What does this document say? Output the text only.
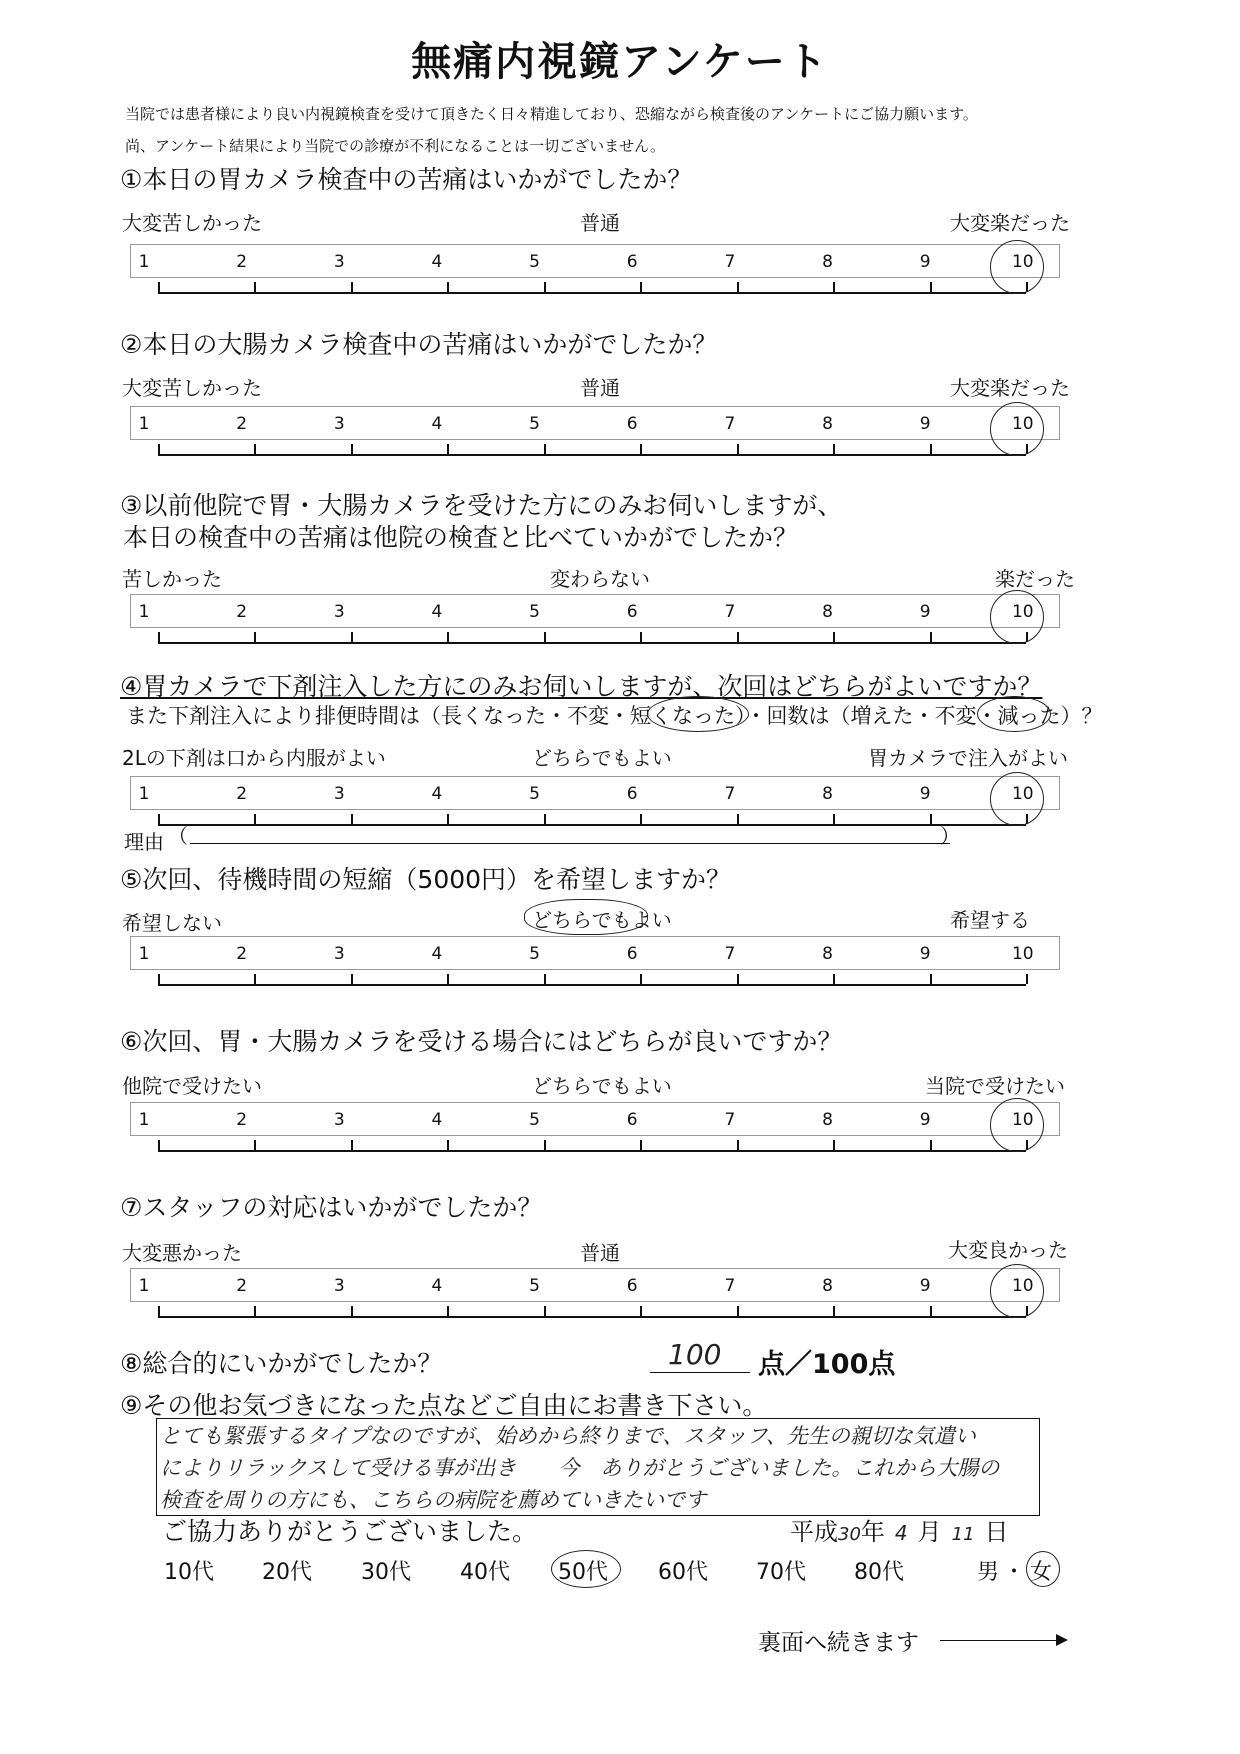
無痛内視鏡アンケート
当院では患者様により良い内視鏡検査を受けて頂きたく日々精進しており、恐縮ながら検査後のアンケートにご協力願います。
尚、アンケート結果により当院での診療が不利になることは一切ございません。
①本日の胃カメラ検査中の苦痛はいかがでしたか？
大変苦しかった	普通	大変楽だった
1	2	3	4	5	6	7	8	9	10
②本日の大腸カメラ検査中の苦痛はいかがでしたか？
大変苦しかった	普通	大変楽だった
1	2	3	4	5	6	7	8	9	10
③以前他院で胃・大腸カメラを受けた方にのみお伺いしますが、
本日の検査中の苦痛は他院の検査と比べていかがでしたか？
苦しかった	変わらない	楽だった
1	2	3	4	5	6	7	8	9	10
④胃カメラで下剤注入した方にのみお伺いしますが、次回はどちらがよいですか？
また下剤注入により排便時間は（長くなった・不変・短くなった）・回数は（増えた・不変・減った）？
2Lの下剤は口から内服がよい	どちらでもよい	胃カメラで注入がよい
1	2	3	4	5	6	7	8	9	10
理由 （	）
⑤次回、待機時間の短縮（5000円）を希望しますか？
希望しない	どちらでもよい	希望する
1	2	3	4	5	6	7	8	9	10
⑥次回、胃・大腸カメラを受ける場合にはどちらが良いですか？
他院で受けたい	どちらでもよい	当院で受けたい
1	2	3	4	5	6	7	8	9	10
⑦スタッフの対応はいかがでしたか？
大変悪かった	普通	大変良かった
1	2	3	4	5	6	7	8	9	10
⑧総合的にいかがでしたか？	100 点／100点
⑨その他お気づきになった点などご自由にお書き下さい。
とても緊張するタイプなのですが、始めから終りまで、スタッフ、先生の親切な気遣い
によりリラックスして受ける事が出き　　今　ありがとうございました。これから大腸の
検査を周りの方にも、こちらの病院を薦めていきたいです
ご協力ありがとうございました。	平成30年 4 月 11 日
10代 20代 30代 40代 50代 60代 70代 80代	男 ・ 女
裏面へ続きます
